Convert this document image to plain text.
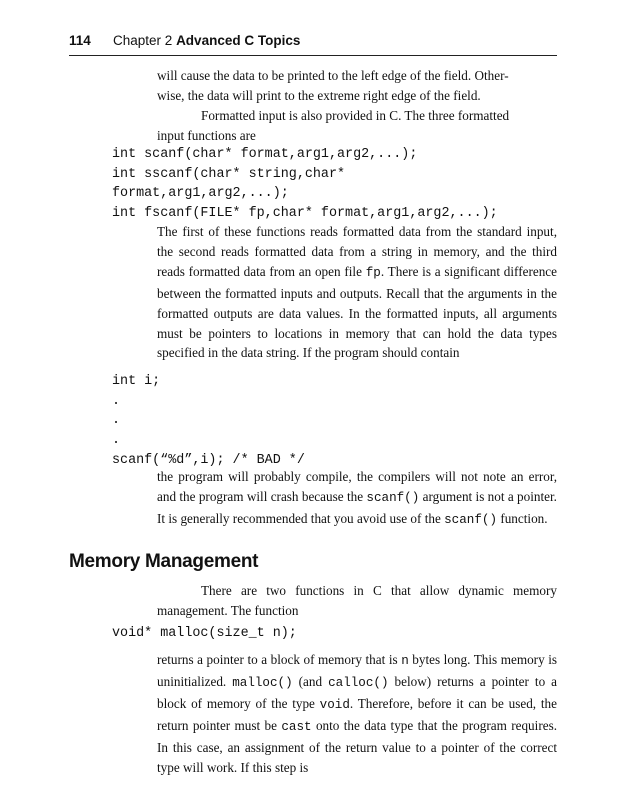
114 Chapter 2 Advanced C Topics

will cause the data to be printed to the left edge of the field. Other-
wise, the data will print to the extreme right edge of the field.

Formatted input is also provided in C. The three formatted
input functions are

int scanf(char* format,arg1,arg2,...);
int sscanf(char* string,char*
format,arg1,arg2,...);
int fscanf(FILE* fp,char* format,arg1,arg2,...);

The first of these functions reads formatted data from the standard input, the second reads formatted data from a string in memory, and the third reads formatted data from an open file fp. There is a significant difference between the formatted inputs and outputs. Recall that the arguments in the formatted outputs are data values. In the formatted inputs, all arguments must be pointers to locations in memory that can hold the data types specified in the data string. If the program should contain

int i;
.
.
.
scanf(“%d”,i); /* BAD */

the program will probably compile, the compilers will not note an error, and the program will crash because the scanf() argument is not a pointer. It is generally recommended that you avoid use of the scanf() function.

Memory Management

There are two functions in C that allow dynamic memory management. The function

void* malloc(size_t n);

returns a pointer to a block of memory that is n bytes long. This memory is uninitialized. malloc() (and calloc() below) returns a pointer to a block of memory of the type void. Therefore, before it can be used, the return pointer must be cast onto the data type that the program requires. In this case, an assignment of the return value to a pointer of the correct type will work. If this step is
